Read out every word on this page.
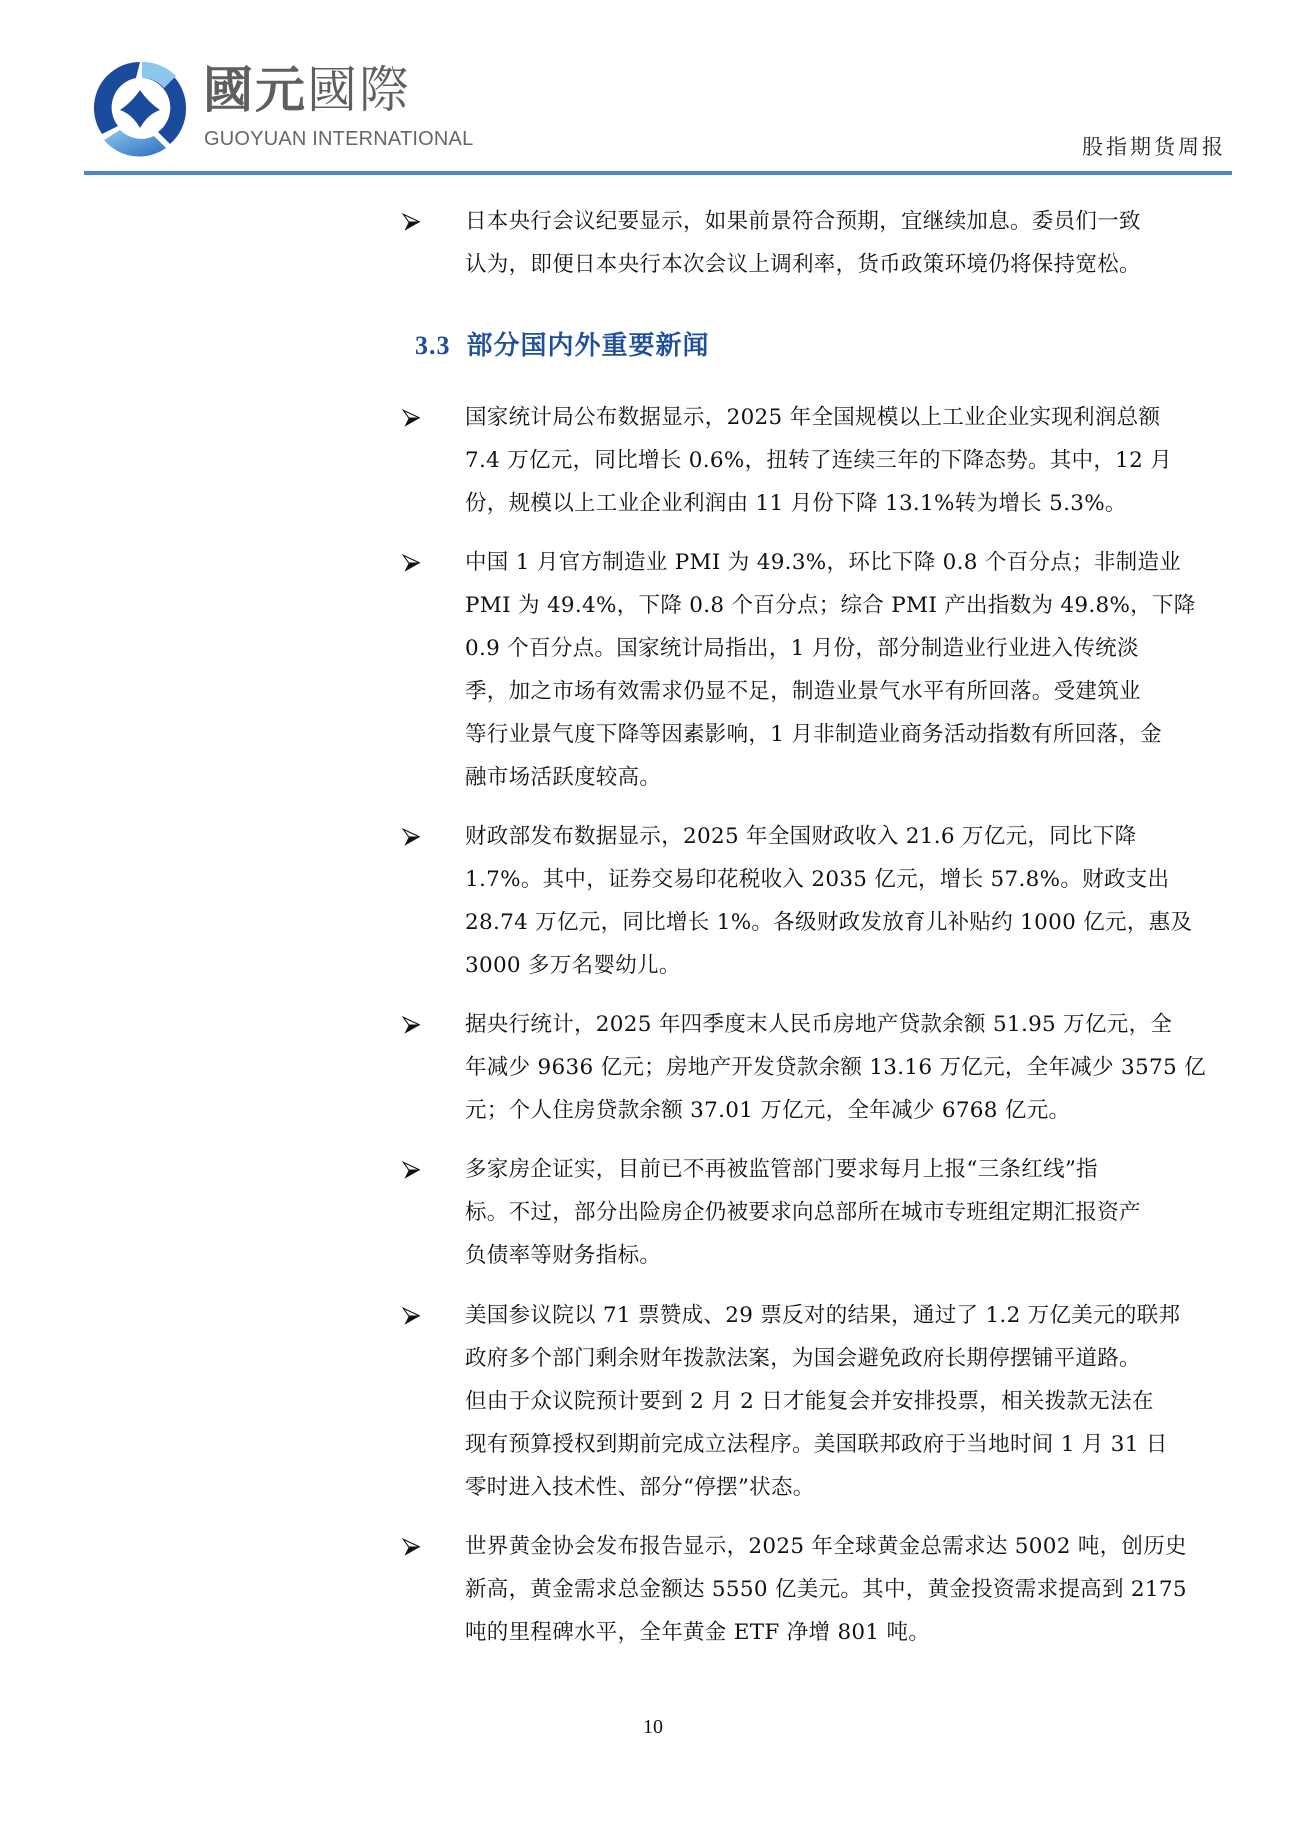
國元國際
GUOYUAN INTERNATIONAL	股指期货周报
日本央行会议纪要显示，如果前景符合预期，宜继续加息。委员们一致
认为，即便日本央行本次会议上调利率，货币政策环境仍将保持宽松。
3.3 部分国内外重要新闻
国家统计局公布数据显示，2025 年全国规模以上工业企业实现利润总额
7.4 万亿元，同比增长 0.6%，扭转了连续三年的下降态势。其中，12 月
份，规模以上工业企业利润由 11 月份下降 13.1%转为增长 5.3%。
中国 1 月官方制造业 PMI 为 49.3%，环比下降 0.8 个百分点；非制造业
PMI 为 49.4%，下降 0.8 个百分点；综合 PMI 产出指数为 49.8%，下降
0.9 个百分点。国家统计局指出，1 月份，部分制造业行业进入传统淡
季，加之市场有效需求仍显不足，制造业景气水平有所回落。受建筑业
等行业景气度下降等因素影响，1 月非制造业商务活动指数有所回落，金
融市场活跃度较高。
财政部发布数据显示，2025 年全国财政收入 21.6 万亿元，同比下降
1.7%。其中，证券交易印花税收入 2035 亿元，增长 57.8%。财政支出
28.74 万亿元，同比增长 1%。各级财政发放育儿补贴约 1000 亿元，惠及
3000 多万名婴幼儿。
据央行统计，2025 年四季度末人民币房地产贷款余额 51.95 万亿元，全
年减少 9636 亿元；房地产开发贷款余额 13.16 万亿元，全年减少 3575 亿
元；个人住房贷款余额 37.01 万亿元，全年减少 6768 亿元。
多家房企证实，目前已不再被监管部门要求每月上报“三条红线”指
标。不过，部分出险房企仍被要求向总部所在城市专班组定期汇报资产
负债率等财务指标。
美国参议院以 71 票赞成、29 票反对的结果，通过了 1.2 万亿美元的联邦
政府多个部门剩余财年拨款法案，为国会避免政府长期停摆铺平道路。
但由于众议院预计要到 2 月 2 日才能复会并安排投票，相关拨款无法在
现有预算授权到期前完成立法程序。美国联邦政府于当地时间 1 月 31 日
零时进入技术性、部分“停摆”状态。
世界黄金协会发布报告显示，2025 年全球黄金总需求达 5002 吨，创历史
新高，黄金需求总金额达 5550 亿美元。其中，黄金投资需求提高到 2175
吨的里程碑水平，全年黄金 ETF 净增 801 吨。
10
